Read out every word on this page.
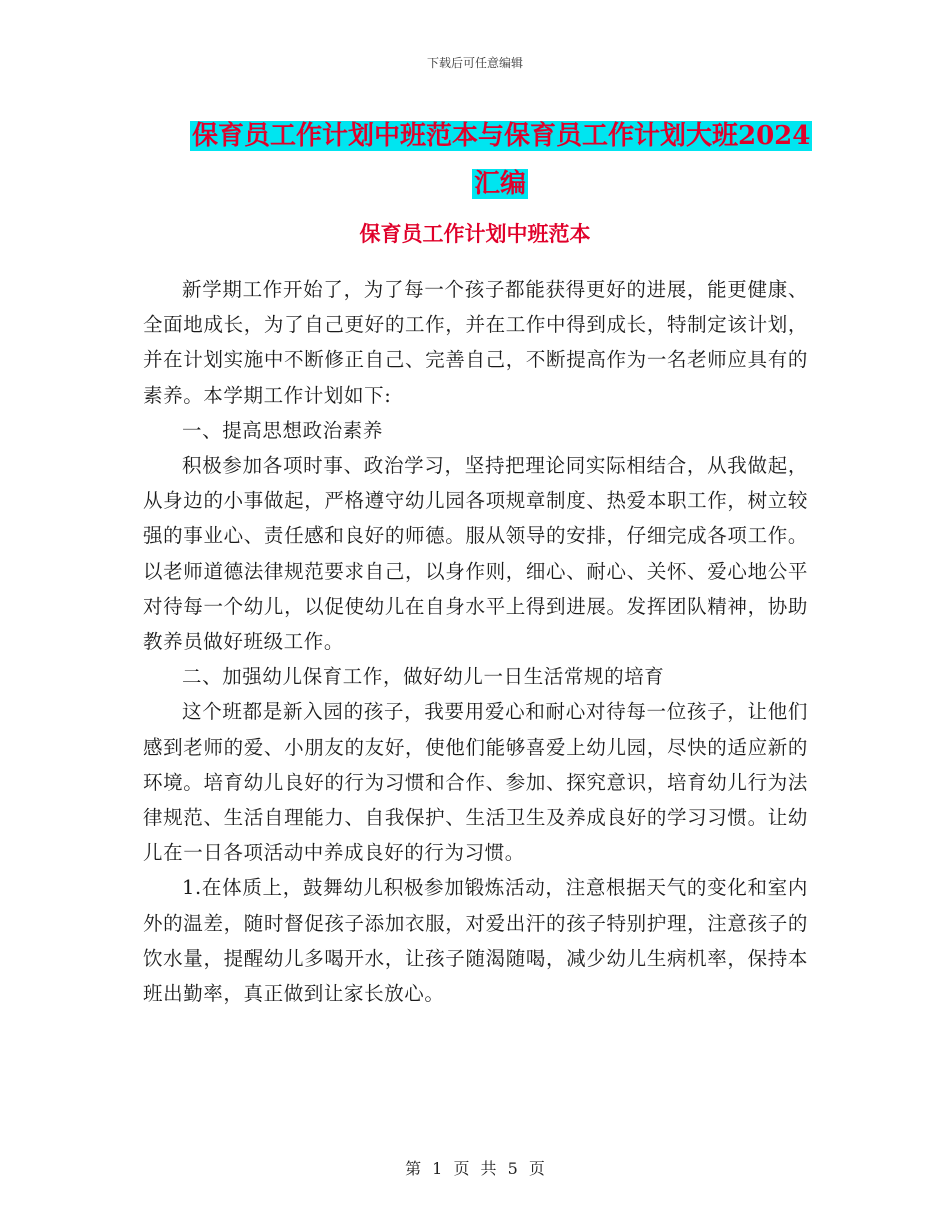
下载后可任意编辑
保育员工作计划中班范本与保育员工作计划大班2024
汇编
保育员工作计划中班范本

新学期工作开始了，为了每一个孩子都能获得更好的进展，能更健康、全面地成长，为了自己更好的工作，并在工作中得到成长，特制定该计划，并在计划实施中不断修正自己、完善自己，不断提高作为一名老师应具有的素养。本学期工作计划如下:

一、提高思想政治素养

积极参加各项时事、政治学习，坚持把理论同实际相结合，从我做起，从身边的小事做起，严格遵守幼儿园各项规章制度、热爱本职工作，树立较强的事业心、责任感和良好的师德。服从领导的安排，仔细完成各项工作。以老师道德法律规范要求自己，以身作则，细心、耐心、关怀、爱心地公平对待每一个幼儿，以促使幼儿在自身水平上得到进展。发挥团队精神，协助教养员做好班级工作。

二、加强幼儿保育工作，做好幼儿一日生活常规的培育

这个班都是新入园的孩子，我要用爱心和耐心对待每一位孩子，让他们感到老师的爱、小朋友的友好，使他们能够喜爱上幼儿园，尽快的适应新的环境。培育幼儿良好的行为习惯和合作、参加、探究意识，培育幼儿行为法律规范、生活自理能力、自我保护、生活卫生及养成良好的学习习惯。让幼儿在一日各项活动中养成良好的行为习惯。

1.在体质上，鼓舞幼儿积极参加锻炼活动，注意根据天气的变化和室内外的温差，随时督促孩子添加衣服，对爱出汗的孩子特别护理，注意孩子的饮水量，提醒幼儿多喝开水，让孩子随渴随喝，减少幼儿生病机率，保持本班出勤率，真正做到让家长放心。

第 1 页 共 5 页
